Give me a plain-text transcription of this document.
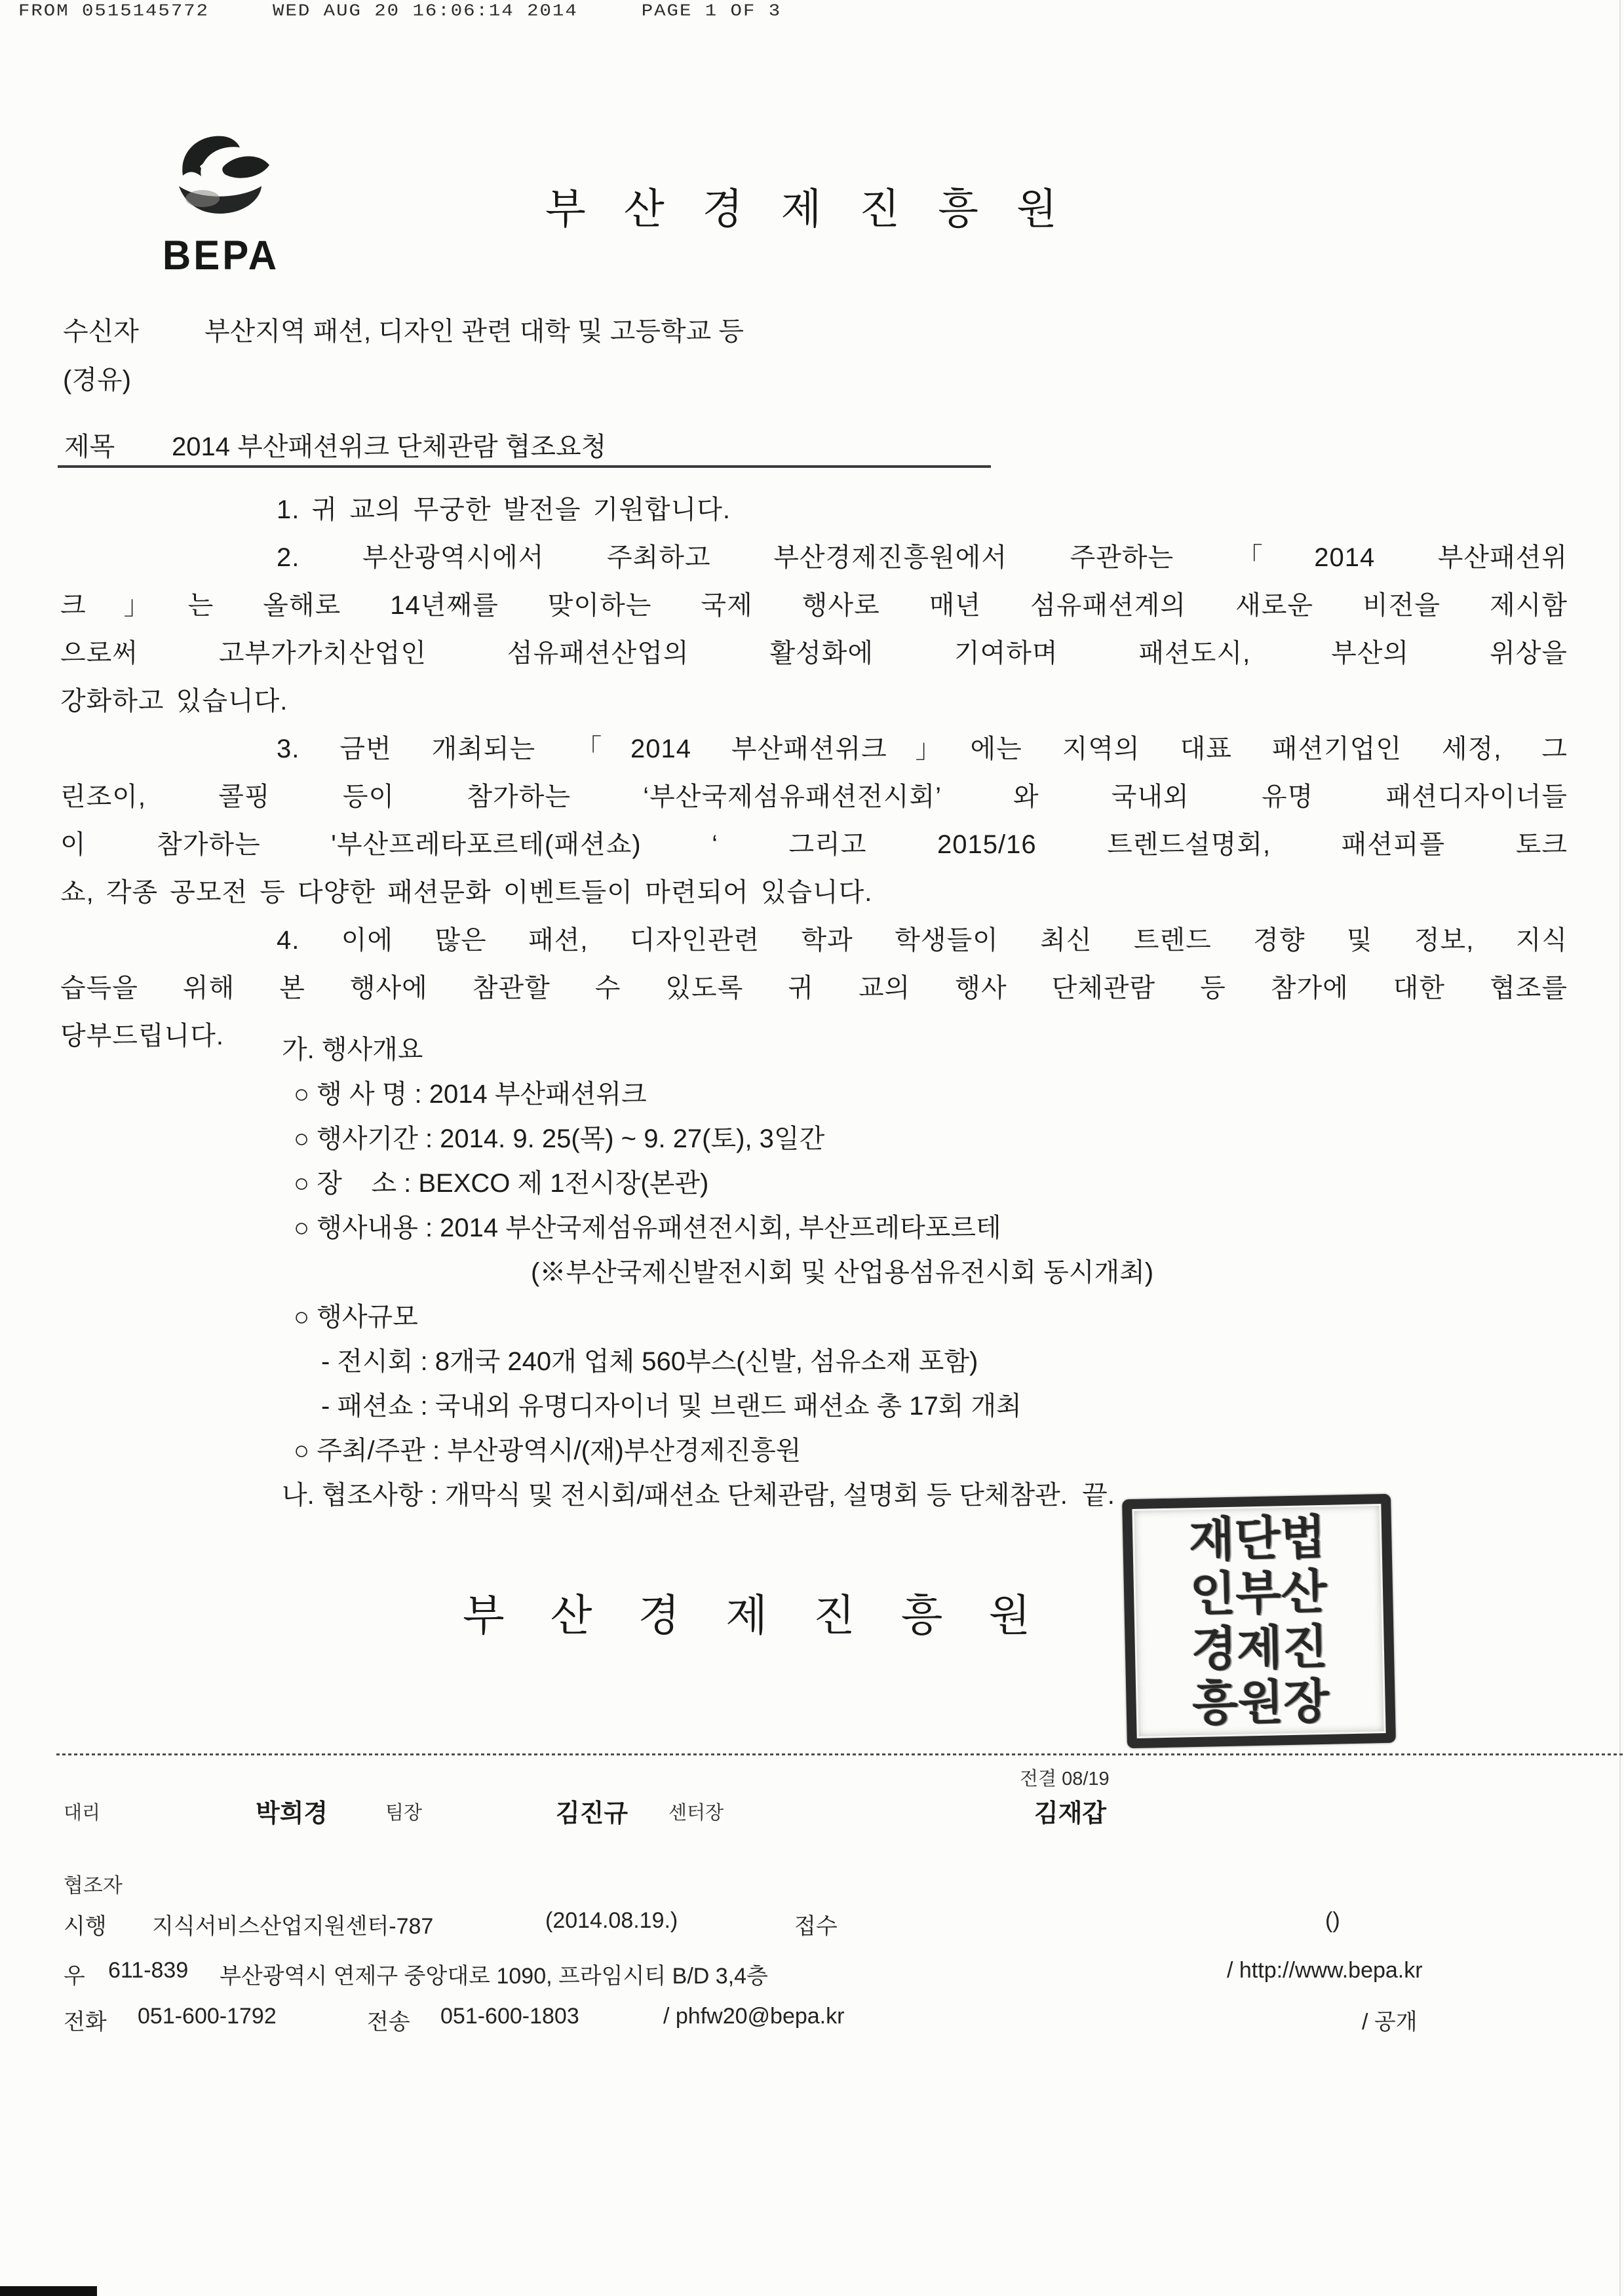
FROM 0515145772     WED AUG 20 16:06:14 2014     PAGE 1 OF 3
BEPA
부산경제진흥원
수신자	부산지역 패션, 디자인 관련 대학 및 고등학교 등
(경유)
제목 2014 부산패션위크 단체관람 협조요청
1. 귀 교의 무궁한 발전을 기원합니다.
2. 부산광역시에서 주최하고 부산경제진흥원에서 주관하는 「2014 부산패션위
크」는 올해로 14년째를 맞이하는 국제 행사로 매년 섬유패션계의 새로운 비전을 제시함
으로써 고부가가치산업인 섬유패션산업의 활성화에 기여하며 패션도시, 부산의 위상을
강화하고 있습니다.
3. 금번 개최되는 「2014 부산패션위크」에는 지역의 대표 패션기업인 세정, 그
린조이, 콜핑 등이 참가하는 ‘부산국제섬유패션전시회’ 와 국내외 유명 패션디자이너들
이 참가하는 '부산프레타포르테(패션쇼) ‘ 그리고 2015/16 트렌드설명회, 패션피플 토크
쇼, 각종 공모전 등 다양한 패션문화 이벤트들이 마련되어 있습니다.
4. 이에 많은 패션, 디자인관련 학과 학생들이 최신 트렌드 경향 및 정보, 지식
습득을 위해 본 행사에 참관할 수 있도록 귀 교의 행사 단체관람 등 참가에 대한 협조를
당부드립니다.	가. 행사개요
○ 행 사 명 : 2014 부산패션위크
○ 행사기간 : 2014. 9. 25(목) ~ 9. 27(토), 3일간
○ 장    소 : BEXCO 제 1전시장(본관)
○ 행사내용 : 2014 부산국제섬유패션전시회, 부산프레타포르테
(※부산국제신발전시회 및 산업용섬유전시회 동시개최)
○ 행사규모
- 전시회 : 8개국 240개 업체 560부스(신발, 섬유소재 포함)
- 패션쇼 : 국내외 유명디자이너 및 브랜드 패션쇼 총 17회 개최
○ 주최/주관 : 부산광역시/(재)부산경제진흥원
나. 협조사항 : 개막식 및 전시회/패션쇼 단체관람, 설명회 등 단체참관.  끝.
부산경제진흥원
재단법
인부산
경제진
흥원장
전결 08/19
대리	박희경	팀장	김진규 센터장	김재갑
협조자
시행 지식서비스산업지원센터-787	(2014.08.19.)	접수	()
우 611-839 부산광역시 연제구 중앙대로 1090, 프라임시티 B/D 3,4층	/ http://www.bepa.kr
전화 051-600-1792	전송 051-600-1803	/ phfw20@bepa.kr	/ 공개
